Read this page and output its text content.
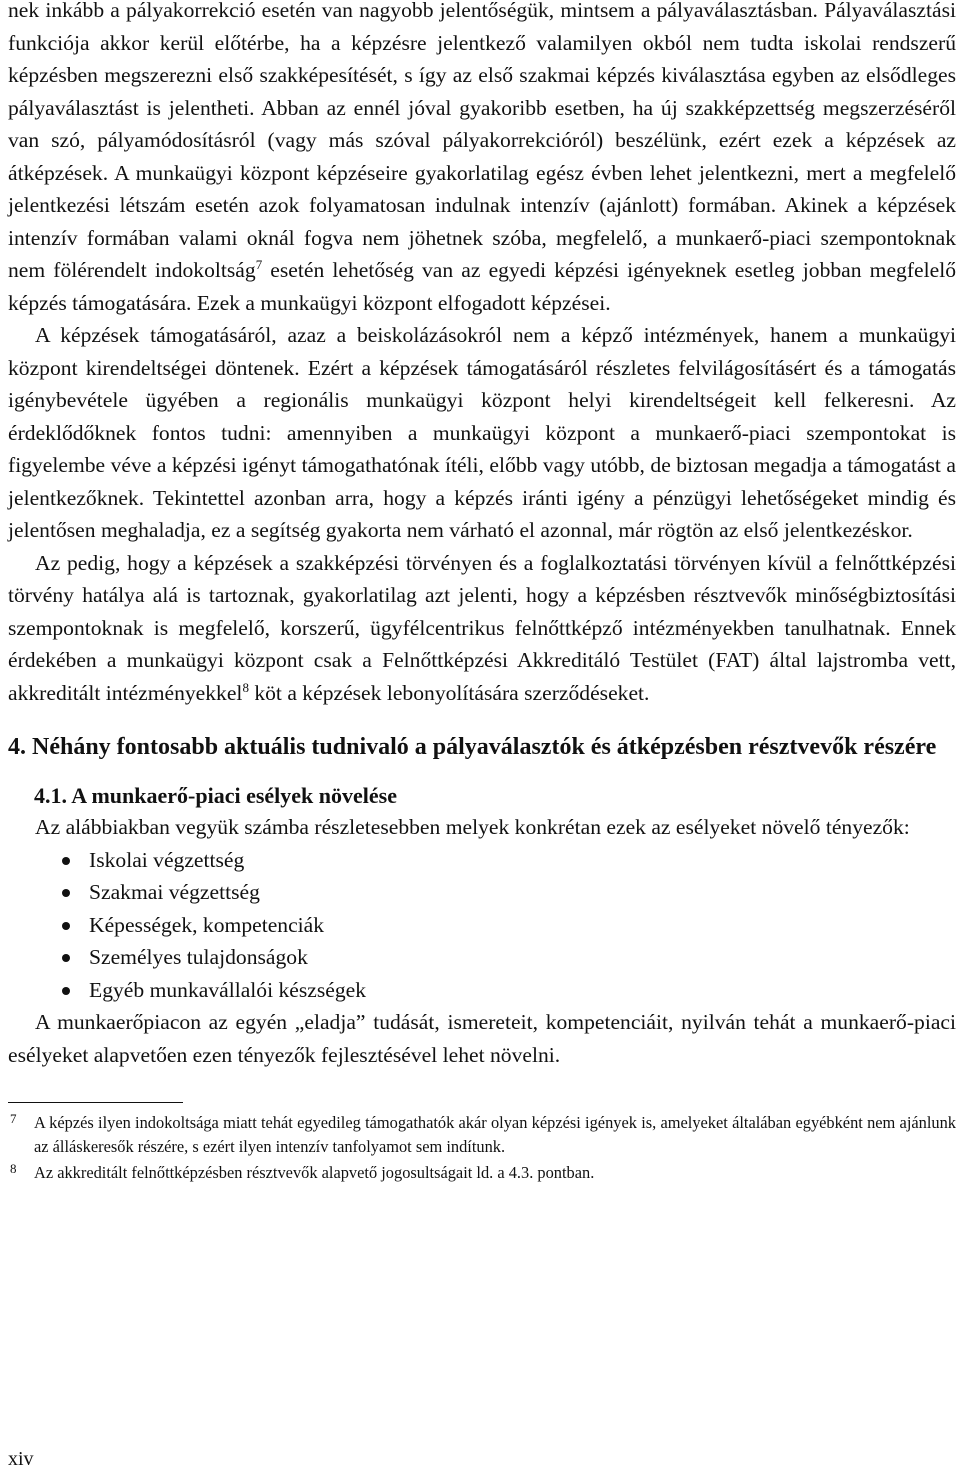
nek inkább a pályakorrekció esetén van nagyobb jelentőségük, mintsem a pályaválasztásban. Pályaválasztási funkciója akkor kerül előtérbe, ha a képzésre jelentkező valamilyen okból nem tudta iskolai rendszerű képzésben megszerezni első szakképesítését, s így az első szakmai képzés kiválasztása egyben az elsődleges pályaválasztást is jelentheti. Abban az ennél jóval gyakoribb esetben, ha új szakképzettség megszerzéséről van szó, pályamódosításról (vagy más szóval pályakorrekcióról) beszélünk, ezért ezek a képzések az átképzések. A munkaügyi központ képzéseire gyakorlatilag egész évben lehet jelentkezni, mert a megfelelő jelentkezési létszám esetén azok folyamatosan indulnak intenzív (ajánlott) formában. Akinek a képzések intenzív formában valami oknál fogva nem jöhetnek szóba, megfelelő, a munkaerő-piaci szempontoknak nem fölérendelt indokoltság$^7$ esetén lehetőség van az egyedi képzési igényeknek esetleg jobban megfelelő képzés támogatására. Ezek a munkaügyi központ elfogadott képzései.

A képzések támogatásáról, azaz a beiskolázásokról nem a képző intézmények, hanem a munkaügyi központ kirendeltségei döntenek. Ezért a képzések támogatásáról részletes felvilágosításért és a támogatás igénybevétele ügyében a regionális munkaügyi központ helyi kirendeltségeit kell felkeresni. Az érdeklődőknek fontos tudni: amennyiben a munkaügyi központ a munkaerő-piaci szempontokat is figyelembe véve a képzési igényt támogathatónak ítéli, előbb vagy utóbb, de biztosan megadja a támogatást a jelentkezőknek. Tekintettel azonban arra, hogy a képzés iránti igény a pénzügyi lehetőségeket mindig és jelentősen meghaladja, ez a segítség gyakorta nem várható el azonnal, már rögtön az első jelentkezéskor.

Az pedig, hogy a képzések a szakképzési törvényen és a foglalkoztatási törvényen kívül a felnőttképzési törvény hatálya alá is tartoznak, gyakorlatilag azt jelenti, hogy a képzésben résztvevők minőségbiztosítási szempontoknak is megfelelő, korszerű, ügyfélcentrikus felnőttképző intézményekben tanulhatnak. Ennek érdekében a munkaügyi központ csak a Felnőttképzési Akkreditáló Testület (FAT) által lajstromba vett, akkreditált intézményekkel$^8$ köt a képzések lebonyolítására szerződéseket.

4. Néhány fontosabb aktuális tudnivaló a pályaválasztók és átképzésben résztvevők részére
4.1. A munkaerő-piaci esélyek növelése

Az alábbiakban vegyük számba részletesebben melyek konkrétan ezek az esélyeket növelő tényezők:

Iskolai végzettség
Szakmai végzettség
Képességek, kompetenciák
Személyes tulajdonságok
Egyéb munkavállalói készségek

A munkaerőpiacon az egyén „eladja” tudását, ismereteit, kompetenciáit, nyilván tehát a munkaerő-piaci esélyeket alapvetően ezen tényezők fejlesztésével lehet növelni.

7 A képzés ilyen indokoltsága miatt tehát egyedileg támogathatók akár olyan képzési igények is, amelyeket általában egyébként nem ajánlunk az álláskeresők részére, s ezért ilyen intenzív tanfolyamot sem indítunk.
8 Az akkreditált felnőttképzésben résztvevők alapvető jogosultságait ld. a 4.3. pontban.
xiv
